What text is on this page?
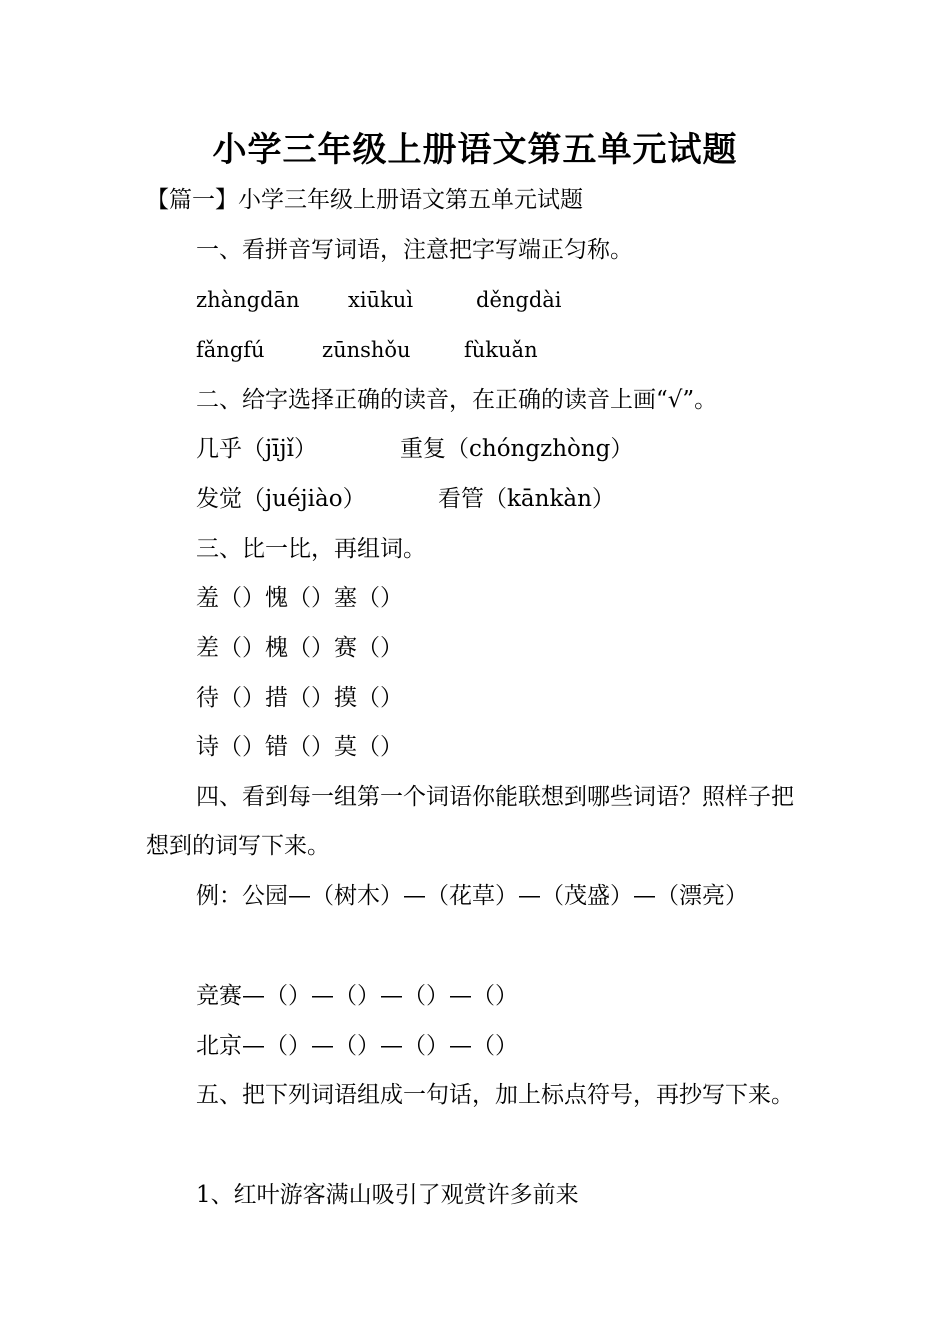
小学三年级上册语文第五单元试题
【篇一】小学三年级上册语文第五单元试题
一、看拼音写词语，注意把字写端正匀称。
zhàngdān xiūkuì	děngdài
fǎngfú	zūnshǒu	fùkuǎn
二、给字选择正确的读音，在正确的读音上画“√”。
几乎（jījǐ）	重复（chóngzhòng）
发觉（juéjiào）	看管（kānkàn）
三、比一比，再组词。
羞（）愧（）塞（）
差（）槐（）赛（）
待（）措（）摸（）
诗（）错（）莫（）
四、看到每一组第一个词语你能联想到哪些词语？照样子把想到的词写下来。
例：公园—（树木）—（花草）—（茂盛）—（漂亮）
竞赛—（）—（）—（）—（）
北京—（）—（）—（）—（）
五、把下列词语组成一句话，加上标点符号，再抄写下来。
1、红叶游客满山吸引了观赏许多前来
